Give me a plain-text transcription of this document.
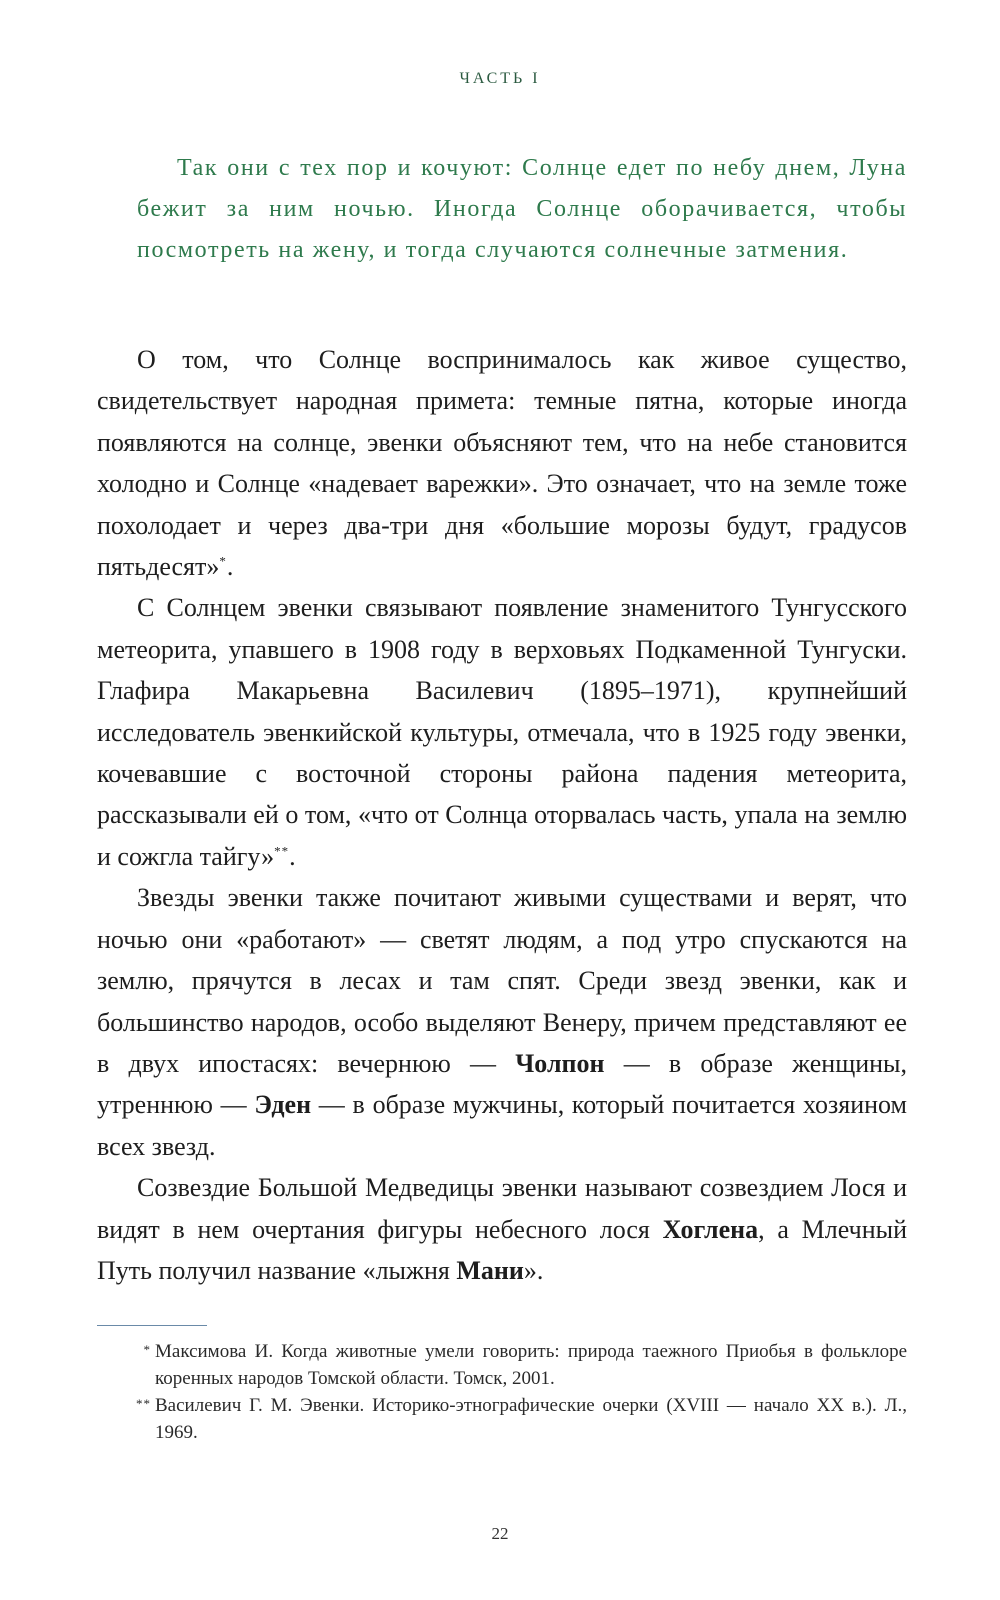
ЧАСТЬ I

Так они с тех пор и кочуют: Солнце едет по небу днем, Луна бежит за ним ночью. Иногда Солнце оборачивается, чтобы посмотреть на жену, и тогда случаются солнечные затмения.

О том, что Солнце воспринималось как живое существо, свидетельствует народная примета: темные пятна, которые иногда появляются на солнце, эвенки объясняют тем, что на небе становится холодно и Солнце «надевает варежки». Это означает, что на земле тоже похолодает и через два-три дня «большие морозы будут, градусов пятьдесят»*.

С Солнцем эвенки связывают появление знаменитого Тунгусского метеорита, упавшего в 1908 году в верховьях Подкаменной Тунгуски. Глафира Макарьевна Василевич (1895–1971), крупнейший исследователь эвенкийской культуры, отмечала, что в 1925 году эвенки, кочевавшие с восточной стороны района падения метеорита, рассказывали ей о том, «что от Солнца оторвалась часть, упала на землю и сожгла тайгу»**.

Звезды эвенки также почитают живыми существами и верят, что ночью они «работают» — светят людям, а под утро спускаются на землю, прячутся в лесах и там спят. Среди звезд эвенки, как и большинство народов, особо выделяют Венеру, причем представляют ее в двух ипостасях: вечернюю — Чолпон — в образе женщины, утреннюю — Эден — в образе мужчины, который почитается хозяином всех звезд.

Созвездие Большой Медведицы эвенки называют созвездием Лося и видят в нем очертания фигуры небесного лося Хоглена, а Млечный Путь получил название «лыжня Мани».

* Максимова И. Когда животные умели говорить: природа таежного Приобья в фольклоре коренных народов Томской области. Томск, 2001.

** Василевич Г. М. Эвенки. Историко-этнографические очерки (XVIII — начало XX в.). Л., 1969.

22
